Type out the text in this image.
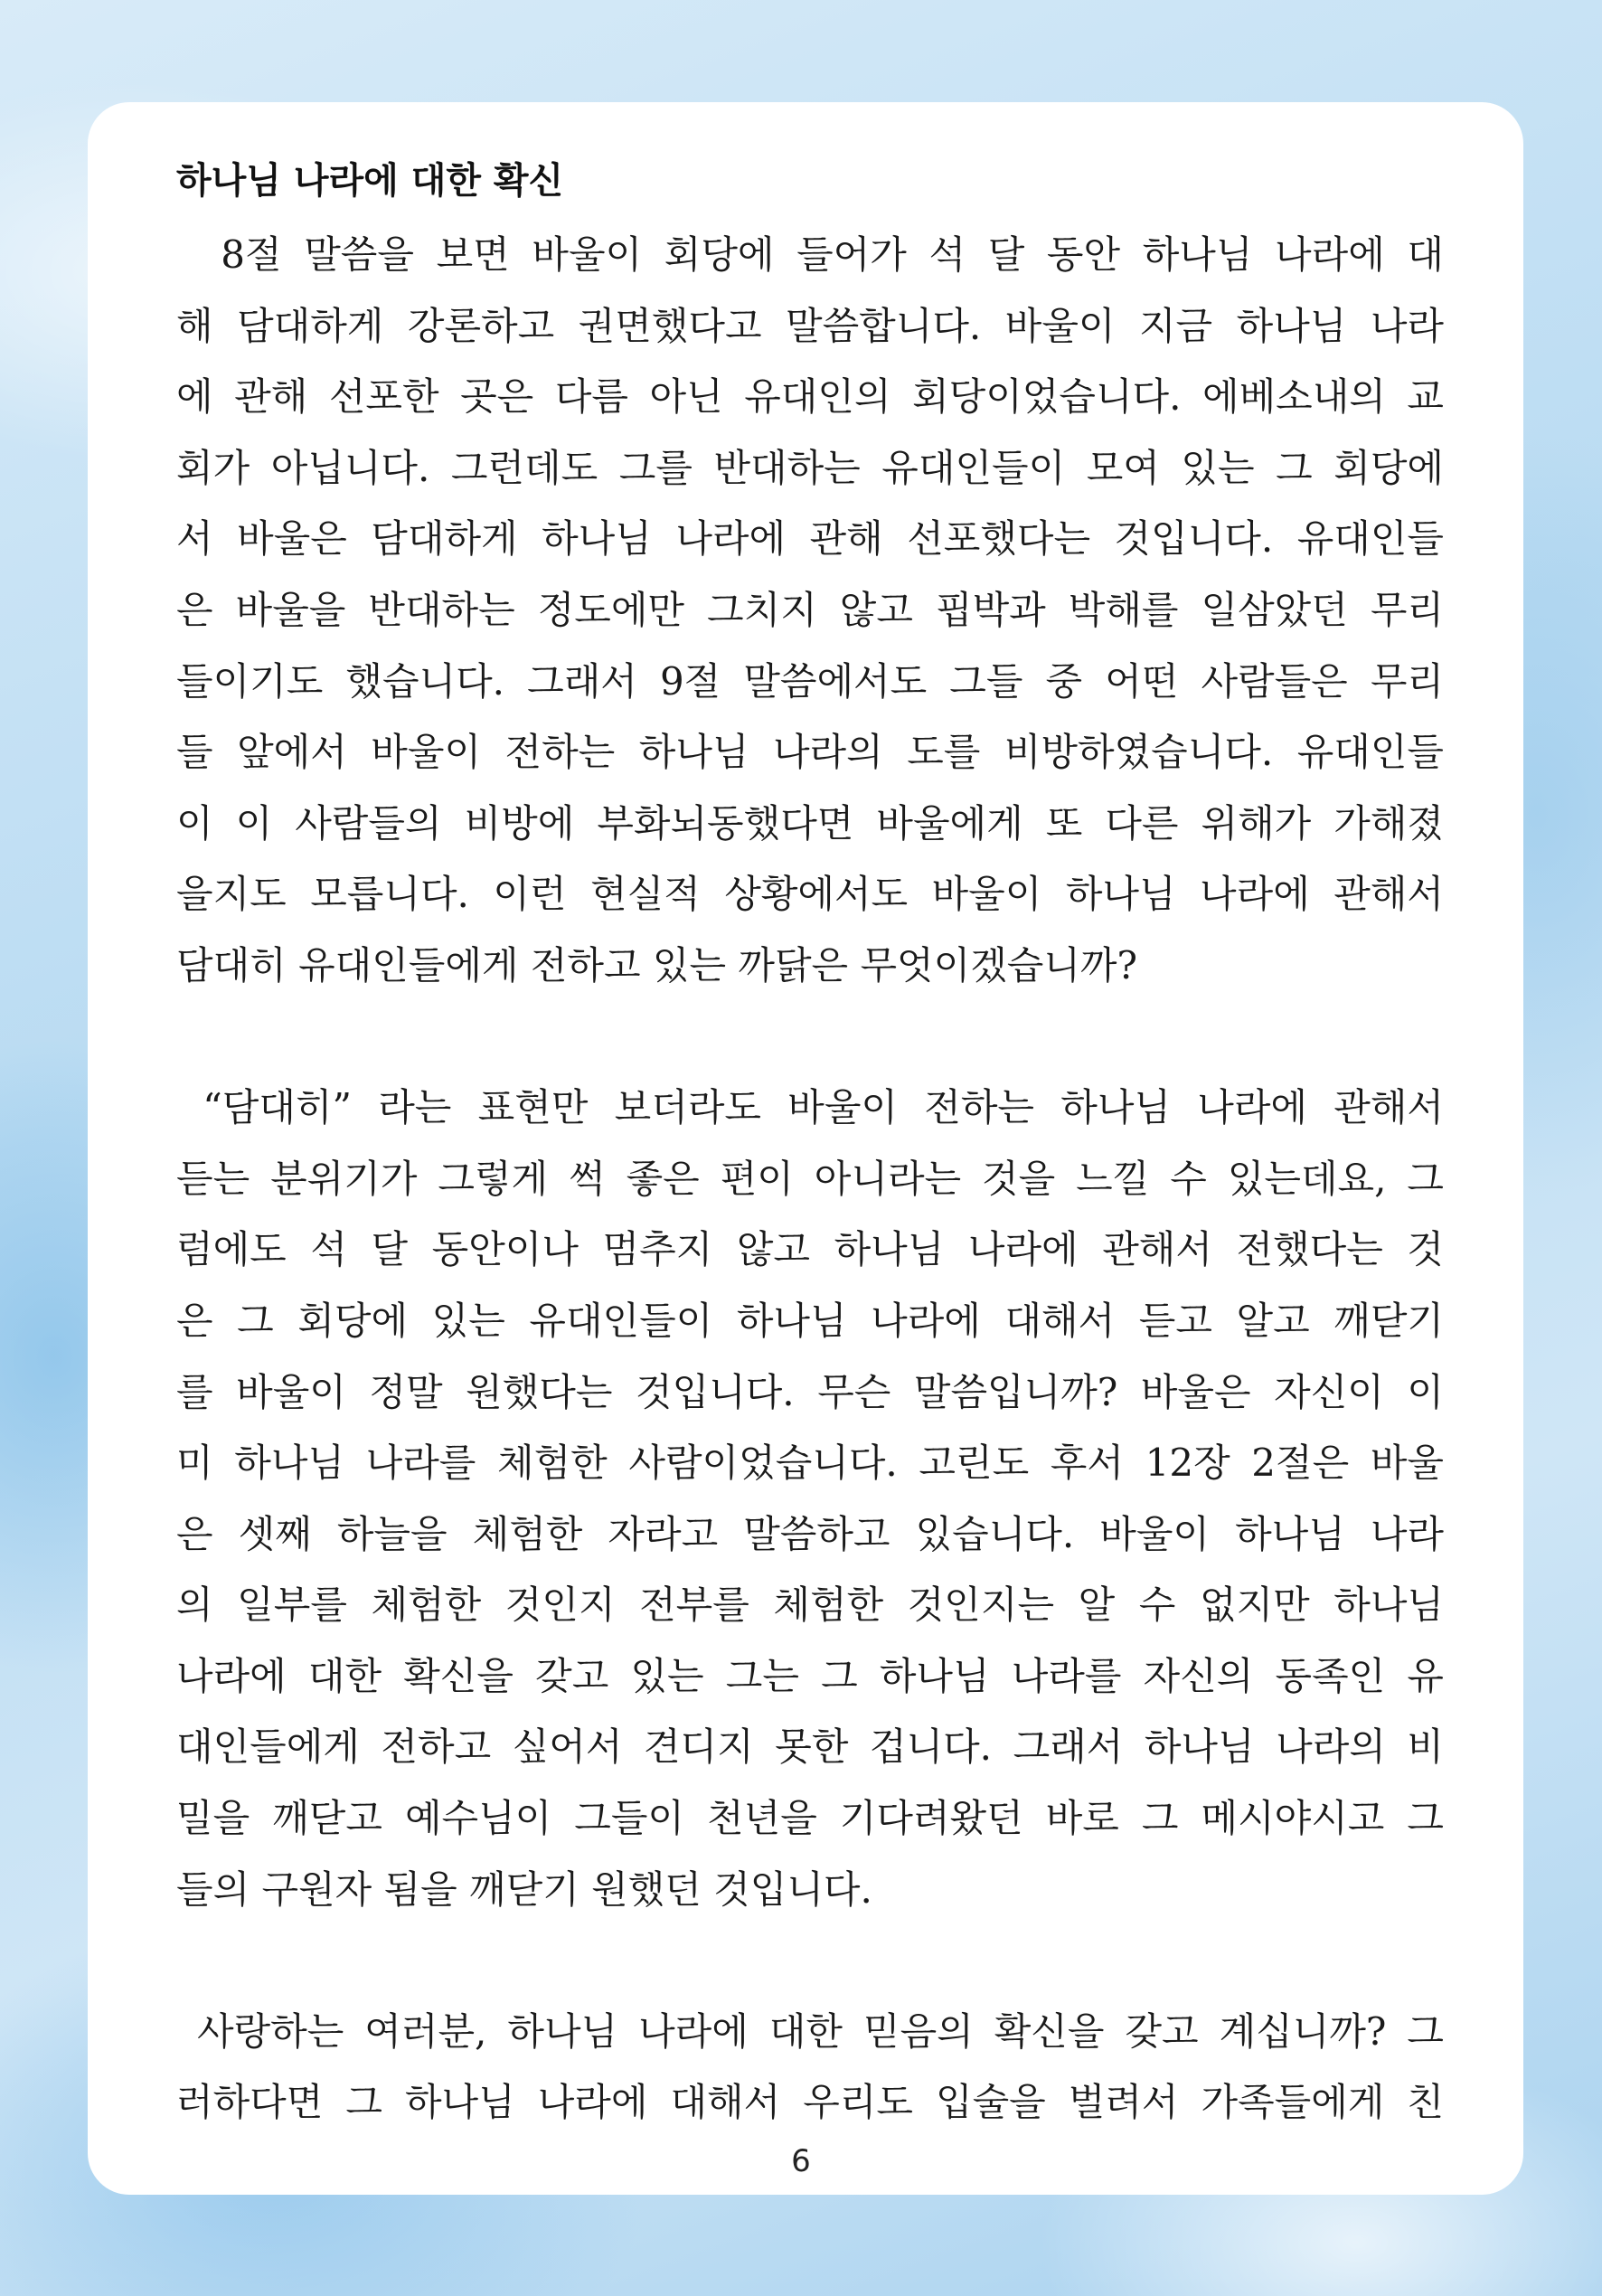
하나님 나라에 대한 확신
8절 말씀을 보면 바울이 회당에 들어가 석 달 동안 하나님 나라에 대
해 담대하게 강론하고 권면했다고 말씀합니다. 바울이 지금 하나님 나라
에 관해 선포한 곳은 다름 아닌 유대인의 회당이었습니다. 에베소내의 교
회가 아닙니다. 그런데도 그를 반대하는 유대인들이 모여 있는 그 회당에
서 바울은 담대하게 하나님 나라에 관해 선포했다는 것입니다. 유대인들
은 바울을 반대하는 정도에만 그치지 않고 핍박과 박해를 일삼았던 무리
들이기도 했습니다. 그래서 9절 말씀에서도 그들 중 어떤 사람들은 무리
들 앞에서 바울이 전하는 하나님 나라의 도를 비방하였습니다. 유대인들
이 이 사람들의 비방에 부화뇌동했다면 바울에게 또 다른 위해가 가해졌
을지도 모릅니다. 이런 현실적 상황에서도 바울이 하나님 나라에 관해서
담대히 유대인들에게 전하고 있는 까닭은 무엇이겠습니까?
“담대히” 라는 표현만 보더라도 바울이 전하는 하나님 나라에 관해서
듣는 분위기가 그렇게 썩 좋은 편이 아니라는 것을 느낄 수 있는데요, 그
럼에도 석 달 동안이나 멈추지 않고 하나님 나라에 관해서 전했다는 것
은 그 회당에 있는 유대인들이 하나님 나라에 대해서 듣고 알고 깨닫기
를 바울이 정말 원했다는 것입니다. 무슨 말씀입니까? 바울은 자신이 이
미 하나님 나라를 체험한 사람이었습니다. 고린도 후서 12장 2절은 바울
은 셋째 하늘을 체험한 자라고 말씀하고 있습니다. 바울이 하나님 나라
의 일부를 체험한 것인지 전부를 체험한 것인지는 알 수 없지만 하나님
나라에 대한 확신을 갖고 있는 그는 그 하나님 나라를 자신의 동족인 유
대인들에게 전하고 싶어서 견디지 못한 겁니다. 그래서 하나님 나라의 비
밀을 깨닫고 예수님이 그들이 천년을 기다려왔던 바로 그 메시야시고 그
들의 구원자 됨을 깨닫기 원했던 것입니다.
사랑하는 여러분, 하나님 나라에 대한 믿음의 확신을 갖고 계십니까? 그
러하다면 그 하나님 나라에 대해서 우리도 입술을 벌려서 가족들에게 친
6
